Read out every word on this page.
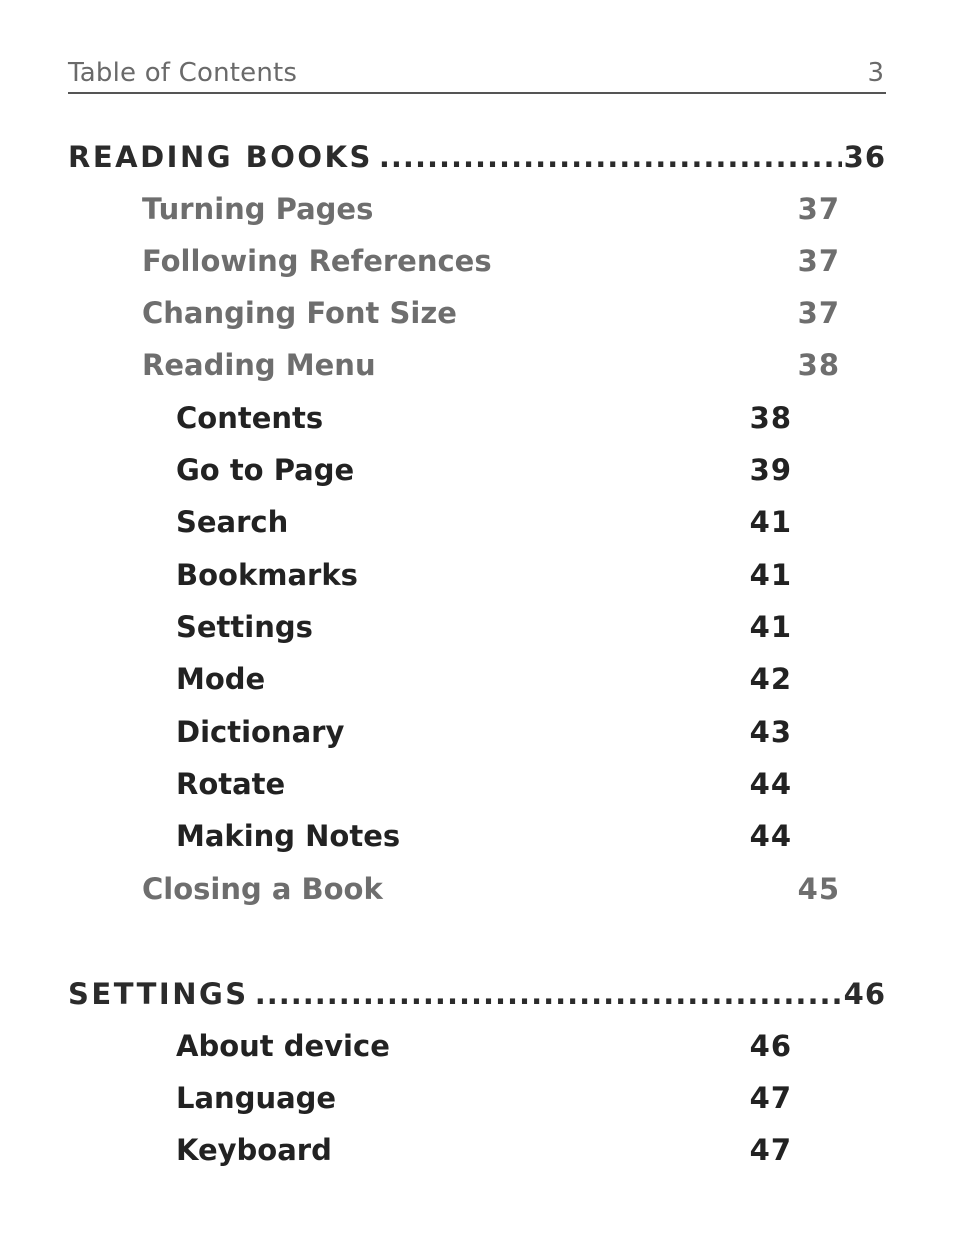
Table of Contents	3
READING BOOKS .....	36
Turning Pages	37
Following References	37
Changing Font Size	37
Reading Menu	38
Contents	38
Go to Page	39
Search	41
Bookmarks	41
Settings	41
Mode	42
Dictionary	43
Rotate	44
Making Notes	44
Closing a Book	45
SETTINGS .....	46
About device	46
Language	47
Keyboard	47
